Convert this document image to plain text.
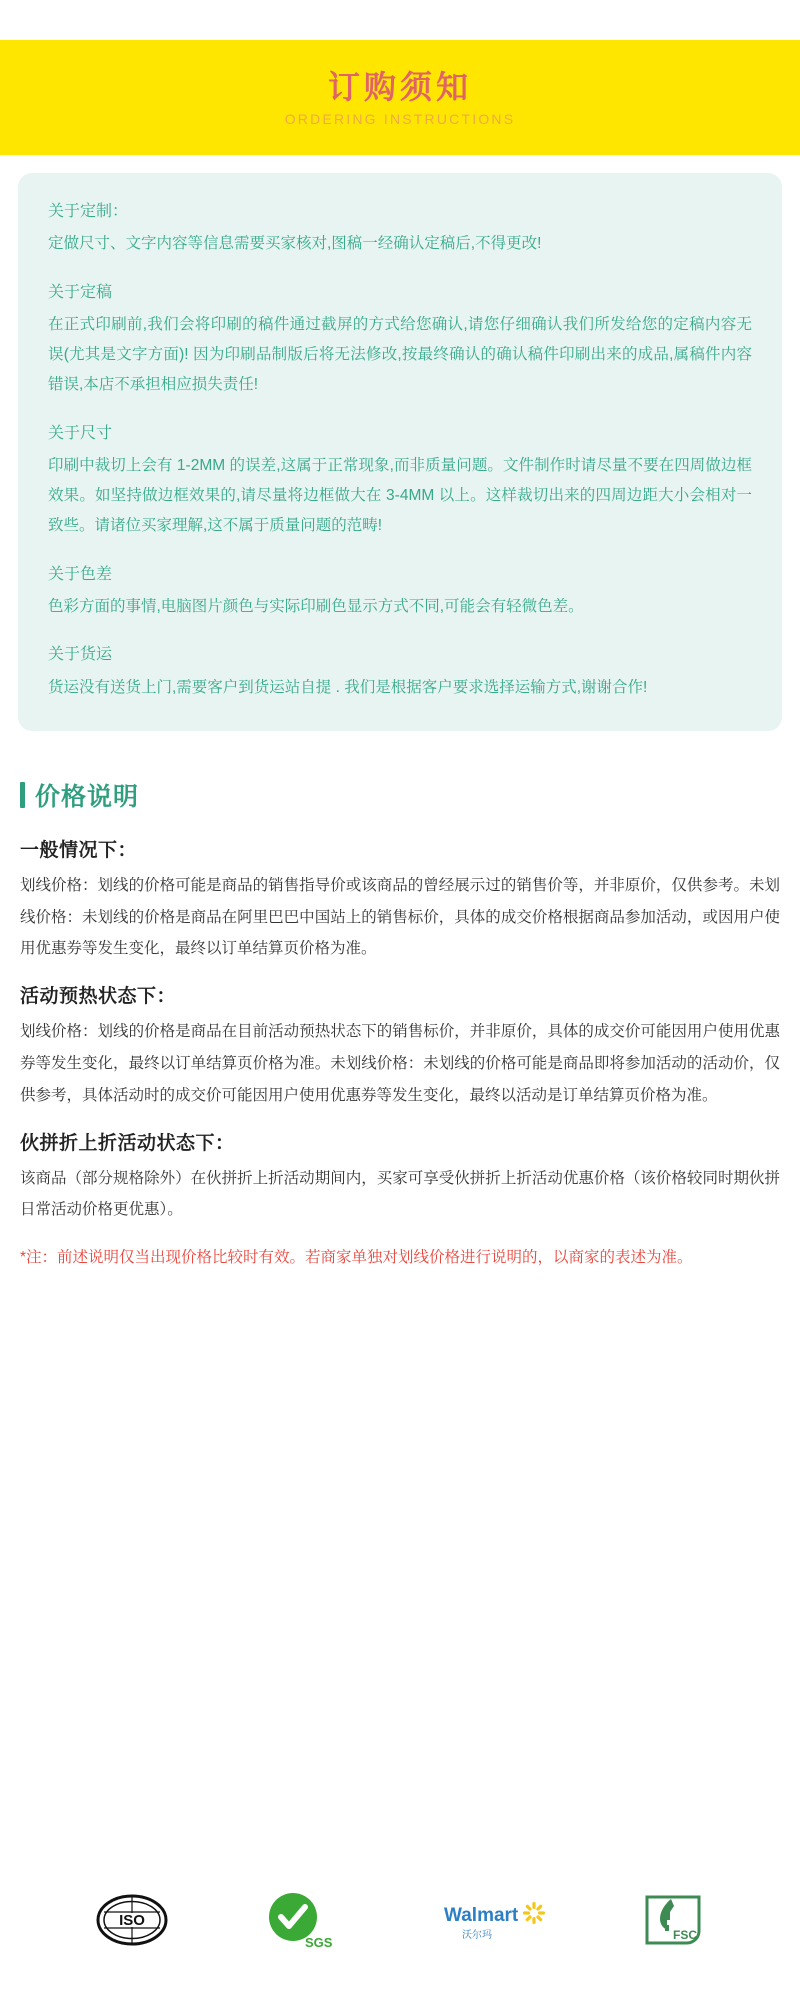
订购须知
ORDERING INSTRUCTIONS
关于定制：
定做尺寸、文字内容等信息需要买家核对,图稿一经确认定稿后,不得更改!
关于定稿
在正式印刷前,我们会将印刷的稿件通过截屏的方式给您确认,请您仔细确认我们所发给您的定稿内容无误(尤其是文字方面)! 因为印刷品制版后将无法修改,按最终确认的确认稿件印刷出来的成品,属稿件内容错误,本店不承担相应损失责任!
关于尺寸
印刷中裁切上会有 1-2MM 的误差,这属于正常现象,而非质量问题。文件制作时请尽量不要在四周做边框效果。如坚持做边框效果的,请尽量将边框做大在 3-4MM 以上。这样裁切出来的四周边距大小会相对一致些。请诸位买家理解,这不属于质量问题的范畴!
关于色差
色彩方面的事情,电脑图片颜色与实际印刷色显示方式不同,可能会有轻微色差。
关于货运
货运没有送货上门,需要客户到货运站自提 . 我们是根据客户要求选择运输方式,谢谢合作!
价格说明
一般情况下：
划线价格：划线的价格可能是商品的销售指导价或该商品的曾经展示过的销售价等，并非原价，仅供参考。未划线价格：未划线的价格是商品在阿里巴巴中国站上的销售标价，具体的成交价格根据商品参加活动，或因用户使用优惠券等发生变化，最终以订单结算页价格为准。
活动预热状态下：
划线价格：划线的价格是商品在目前活动预热状态下的销售标价，并非原价，具体的成交价可能因用户使用优惠券等发生变化，最终以订单结算页价格为准。未划线价格：未划线的价格可能是商品即将参加活动的活动价，仅供参考，具体活动时的成交价可能因用户使用优惠券等发生变化，最终以活动是订单结算页价格为准。
伙拼折上折活动状态下：
该商品（部分规格除外）在伙拼折上折活动期间内，买家可享受伙拼折上折活动优惠价格（该价格较同时期伙拼日常活动价格更优惠）。
*注：前述说明仅当出现价格比较时有效。若商家单独对划线价格进行说明的，以商家的表述为准。
ISO
SGS
Walmart
沃尔玛	FSC
